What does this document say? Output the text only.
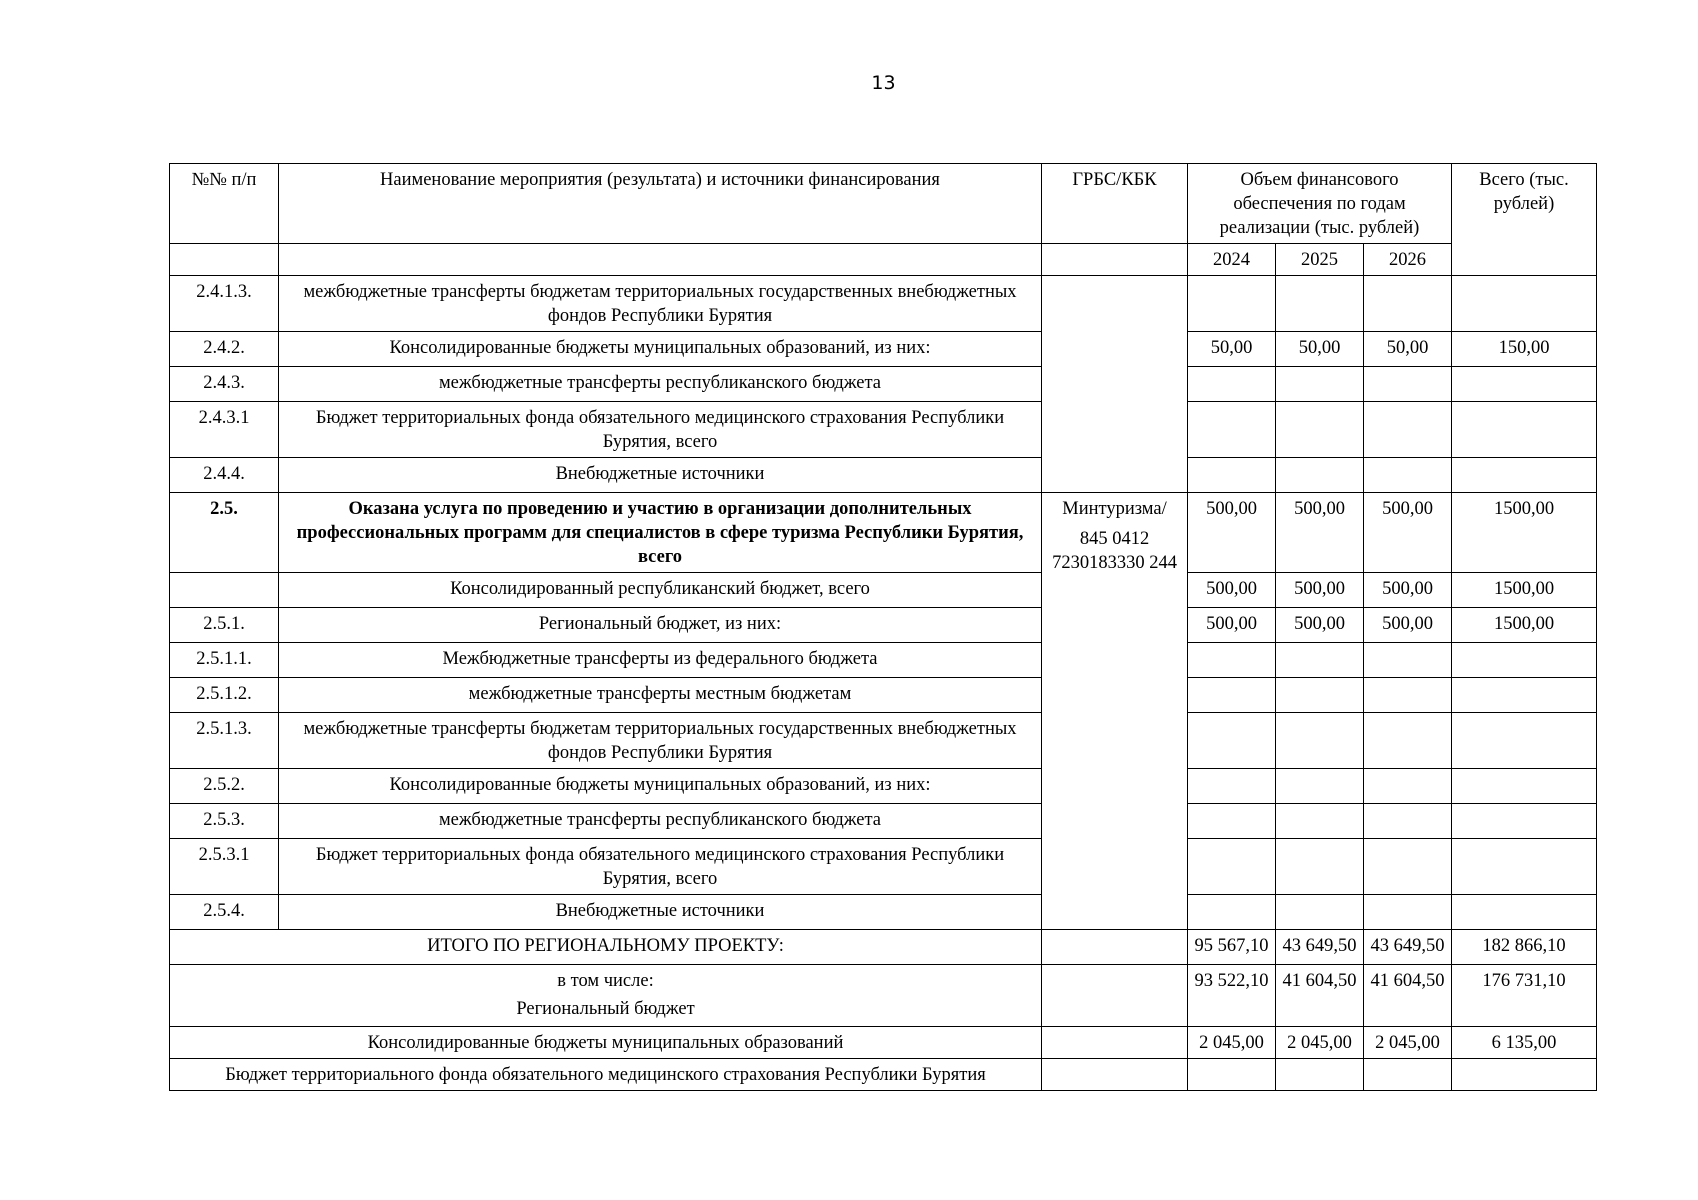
13
№№ п/п	Наименование мероприятия (результата) и источники финансирования	ГРБС/КБК	Объем финансового обеспечения по годам реализации (тыс. рублей)			Всего (тыс. рублей)
			2024	2025	2026	
2.4.1.3.	межбюджетные трансферты бюджетам территориальных государственных внебюджетных фондов Республики Бурятия					
2.4.2.	Консолидированные бюджеты муниципальных образований, из них:		50,00	50,00	50,00	150,00
2.4.3.	межбюджетные трансферты республиканского бюджета					
2.4.3.1	Бюджет территориальных фонда обязательного медицинского страхования Республики Бурятия, всего					
2.4.4.	Внебюджетные источники					
2.5.	Оказана услуга по проведению и участию в организации дополнительных профессиональных программ для специалистов в сфере туризма Республики Бурятия, всего	Минтуризма/
845 0412
7230183330 244	500,00	500,00	500,00	1500,00
	Консолидированный республиканский бюджет, всего		500,00	500,00	500,00	1500,00
2.5.1.	Региональный бюджет, из них:		500,00	500,00	500,00	1500,00
2.5.1.1.	Межбюджетные трансферты из федерального бюджета					
2.5.1.2.	межбюджетные трансферты местным бюджетам					
2.5.1.3.	межбюджетные трансферты бюджетам территориальных государственных внебюджетных фондов Республики Бурятия					
2.5.2.	Консолидированные бюджеты муниципальных образований, из них:					
2.5.3.	межбюджетные трансферты республиканского бюджета					
2.5.3.1	Бюджет территориальных фонда обязательного медицинского страхования Республики Бурятия, всего					
2.5.4.	Внебюджетные источники					
ИТОГО ПО РЕГИОНАЛЬНОМУ ПРОЕКТУ:			95 567,10	43 649,50	43 649,50	182 866,10

в том числе:
Региональный бюджет			93 522,10	41 604,50	41 604,50	176 731,10
Консолидированные бюджеты муниципальных образований			2 045,00	2 045,00	2 045,00	6 135,00
Бюджет территориального фонда обязательного медицинского страхования Республики Бурятия						
